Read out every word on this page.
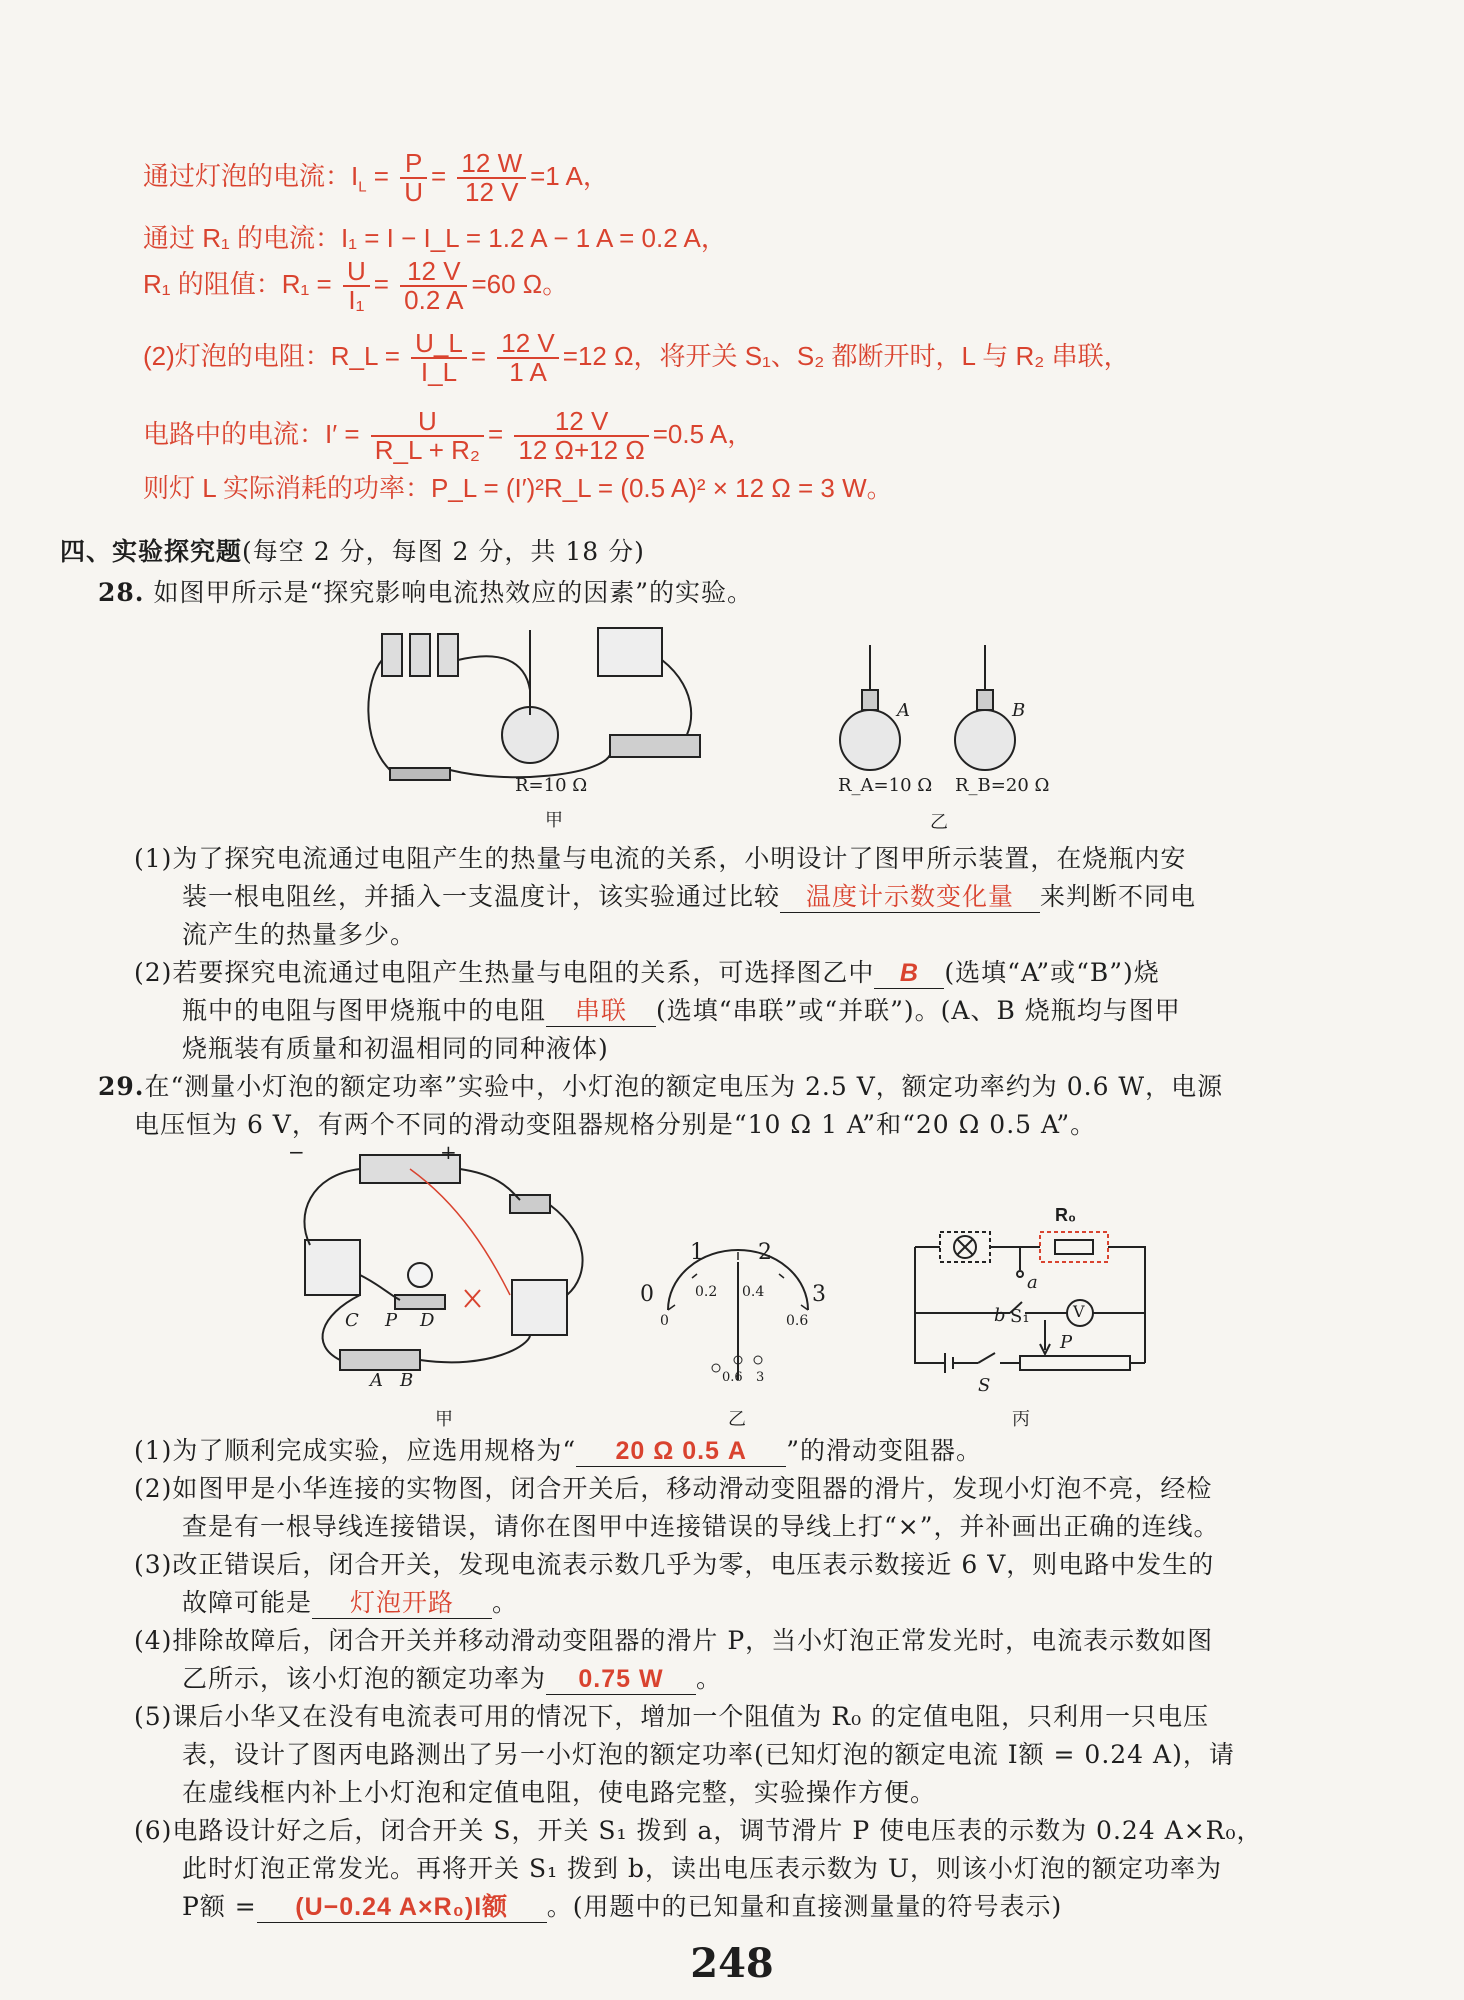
通过灯泡的电流：$I_L = \frac{P}{U} = \frac{12 W}{12 V} =1$ A，
通过 R₁ 的电流：I₁ = I − I_L = 1.2 A − 1 A = 0.2 A，
R₁ 的阻值：$R_1 = \frac{U}{\text{I₁}} = \frac{12 V}{0.2 A} =60$ Ω。
(2)灯泡的电阻：R_L = $\frac{U\_L}{I\_L} = \frac{12 V}{1 A} =12$ Ω，将开关 S₁、S₂ 都断开时，L 与 R₂ 串联，
电路中的电流：$I' = \frac{U}{\text{R\_L + R₂}} = \frac{12 V}{12 \Omega+12 \Omega} =0.5$ A，
则灯 L 实际消耗的功率：P_L = (I′)²R_L = (0.5 A)² × 12 Ω = 3 W。
四、实验探究题(每空 2 分，每图 2 分，共 18 分)
28. 如图甲所示是“探究影响电流热效应的因素”的实验。
R=10 Ω
甲
A	B
R_A=10 Ω R_B=20 Ω
乙
(1)为了探究电流通过电阻产生的热量与电流的关系，小明设计了图甲所示装置，在烧瓶内安
装一根电阻丝，并插入一支温度计，该实验通过比较 温度计示数变化量 来判断不同电
流产生的热量多少。
(2)若要探究电流通过电阻产生热量与电阻的关系，可选择图乙中 B (选填“A”或“B”)烧
瓶中的电阻与图甲烧瓶中的电阻 串联 (选填“串联”或“并联”)。(A、B 烧瓶均与图甲
烧瓶装有质量和初温相同的同种液体)
29.在“测量小灯泡的额定功率”实验中，小灯泡的额定电压为 2.5 V，额定功率约为 0.6 W，电源
电压恒为 6 V，有两个不同的滑动变阻器规格分别是“10 Ω 1 A”和“20 Ω 0.5 A”。
−	+
C P D
A B
甲
0
1 2
3
0
0.2 0.4
0.6
0.6 3
乙
R₀
a
b S₁	V
P
S
丙
(1)为了顺利完成实验，应选用规格为“ 20 Ω 0.5 A ”的滑动变阻器。
(2)如图甲是小华连接的实物图，闭合开关后，移动滑动变阻器的滑片，发现小灯泡不亮，经检
查是有一根导线连接错误，请你在图甲中连接错误的导线上打“×”，并补画出正确的连线。
(3)改正错误后，闭合开关，发现电流表示数几乎为零，电压表示数接近 6 V，则电路中发生的
故障可能是 灯泡开路 。
(4)排除故障后，闭合开关并移动滑动变阻器的滑片 P，当小灯泡正常发光时，电流表示数如图
乙所示，该小灯泡的额定功率为 0.75 W 。
(5)课后小华又在没有电流表可用的情况下，增加一个阻值为 R₀ 的定值电阻，只利用一只电压
表，设计了图丙电路测出了另一小灯泡的额定功率(已知灯泡的额定电流 I额 = 0.24 A)，请
在虚线框内补上小灯泡和定值电阻，使电路完整，实验操作方便。
(6)电路设计好之后，闭合开关 S，开关 S₁ 拨到 a，调节滑片 P 使电压表的示数为 0.24 A×R₀，
此时灯泡正常发光。再将开关 S₁ 拨到 b，读出电压表示数为 U，则该小灯泡的额定功率为
P额 = (U−0.24 A×R₀)I额 。(用题中的已知量和直接测量量的符号表示)
248
